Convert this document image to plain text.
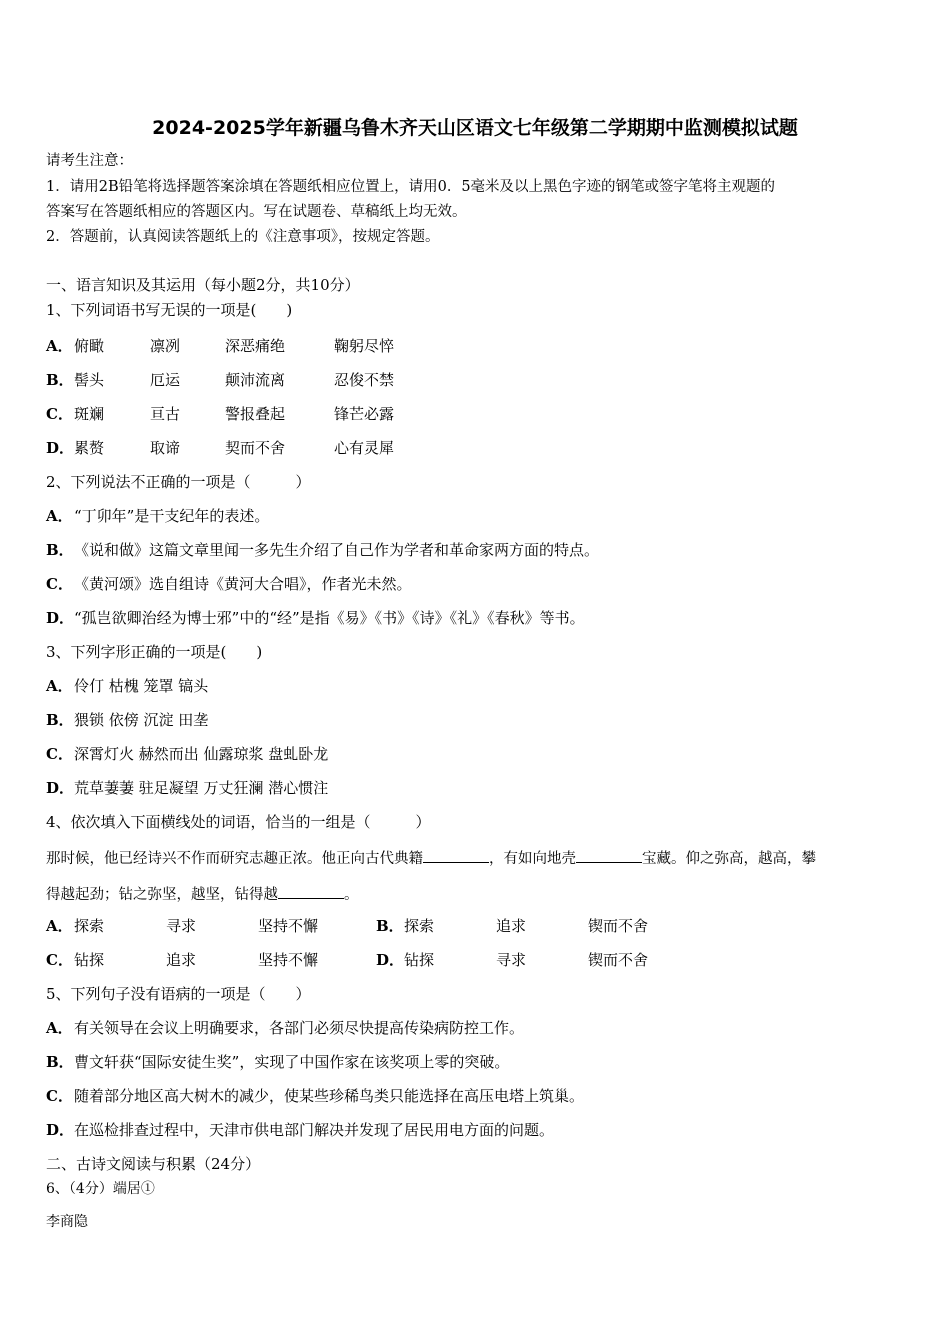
2024-2025学年新疆乌鲁木齐天山区语文七年级第二学期期中监测模拟试题
请考生注意：
1．请用2B铅笔将选择题答案涂填在答题纸相应位置上，请用0．5毫米及以上黑色字迹的钢笔或签字笔将主观题的
答案写在答题纸相应的答题区内。写在试题卷、草稿纸上均无效。
2．答题前，认真阅读答题纸上的《注意事项》，按规定答题。
一、语言知识及其运用（每小题2分，共10分）
1、下列词语书写无误的一项是(　　)
A． 俯瞰	凛冽	深恶痛绝	鞠躬尽悴
B． 髻头	厄运	颠沛流离	忍俊不禁
C． 斑斓	亘古	警报叠起	锋芒必露
D． 累赘	取谛	契而不舍	心有灵犀
2、下列说法不正确的一项是（　　　）
A．“丁卯年”是干支纪年的表述。
B．《说和做》这篇文章里闻一多先生介绍了自己作为学者和革命家两方面的特点。
C．《黄河颂》选自组诗《黄河大合唱》，作者光未然。
D．“孤岂欲卿治经为博士邪”中的“经”是指《易》《书》《诗》《礼》《春秋》等书。
3、下列字形正确的一项是(　　)
A．伶仃 枯槐 笼罩 镐头
B．猥锁 依傍 沉淀 田垄
C．深霄灯火 赫然而出 仙露琼浆 盘虬卧龙
D．荒草萋萋 驻足凝望 万丈狂澜 潜心惯注
4、依次填入下面横线处的词语，恰当的一组是（　　　）
那时候，他已经诗兴不作而研究志趣正浓。他正向古代典籍	，有如向地壳	宝藏。仰之弥高，越高，攀
得越起劲；钻之弥坚，越坚，钻得越	。
A． 探索	寻求	坚持不懈	B． 探索	追求	锲而不舍
C． 钻探	追求	坚持不懈	D． 钻探	寻求	锲而不舍
5、下列句子没有语病的一项是（　　）
A．有关领导在会议上明确要求，各部门必须尽快提高传染病防控工作。
B．曹文轩获“国际安徒生奖”，实现了中国作家在该奖项上零的突破。
C．随着部分地区高大树木的减少，使某些珍稀鸟类只能选择在高压电塔上筑巢。
D．在巡检排查过程中，天津市供电部门解决并发现了居民用电方面的问题。
二、古诗文阅读与积累（24分）
6、（4分）端居①
李商隐
